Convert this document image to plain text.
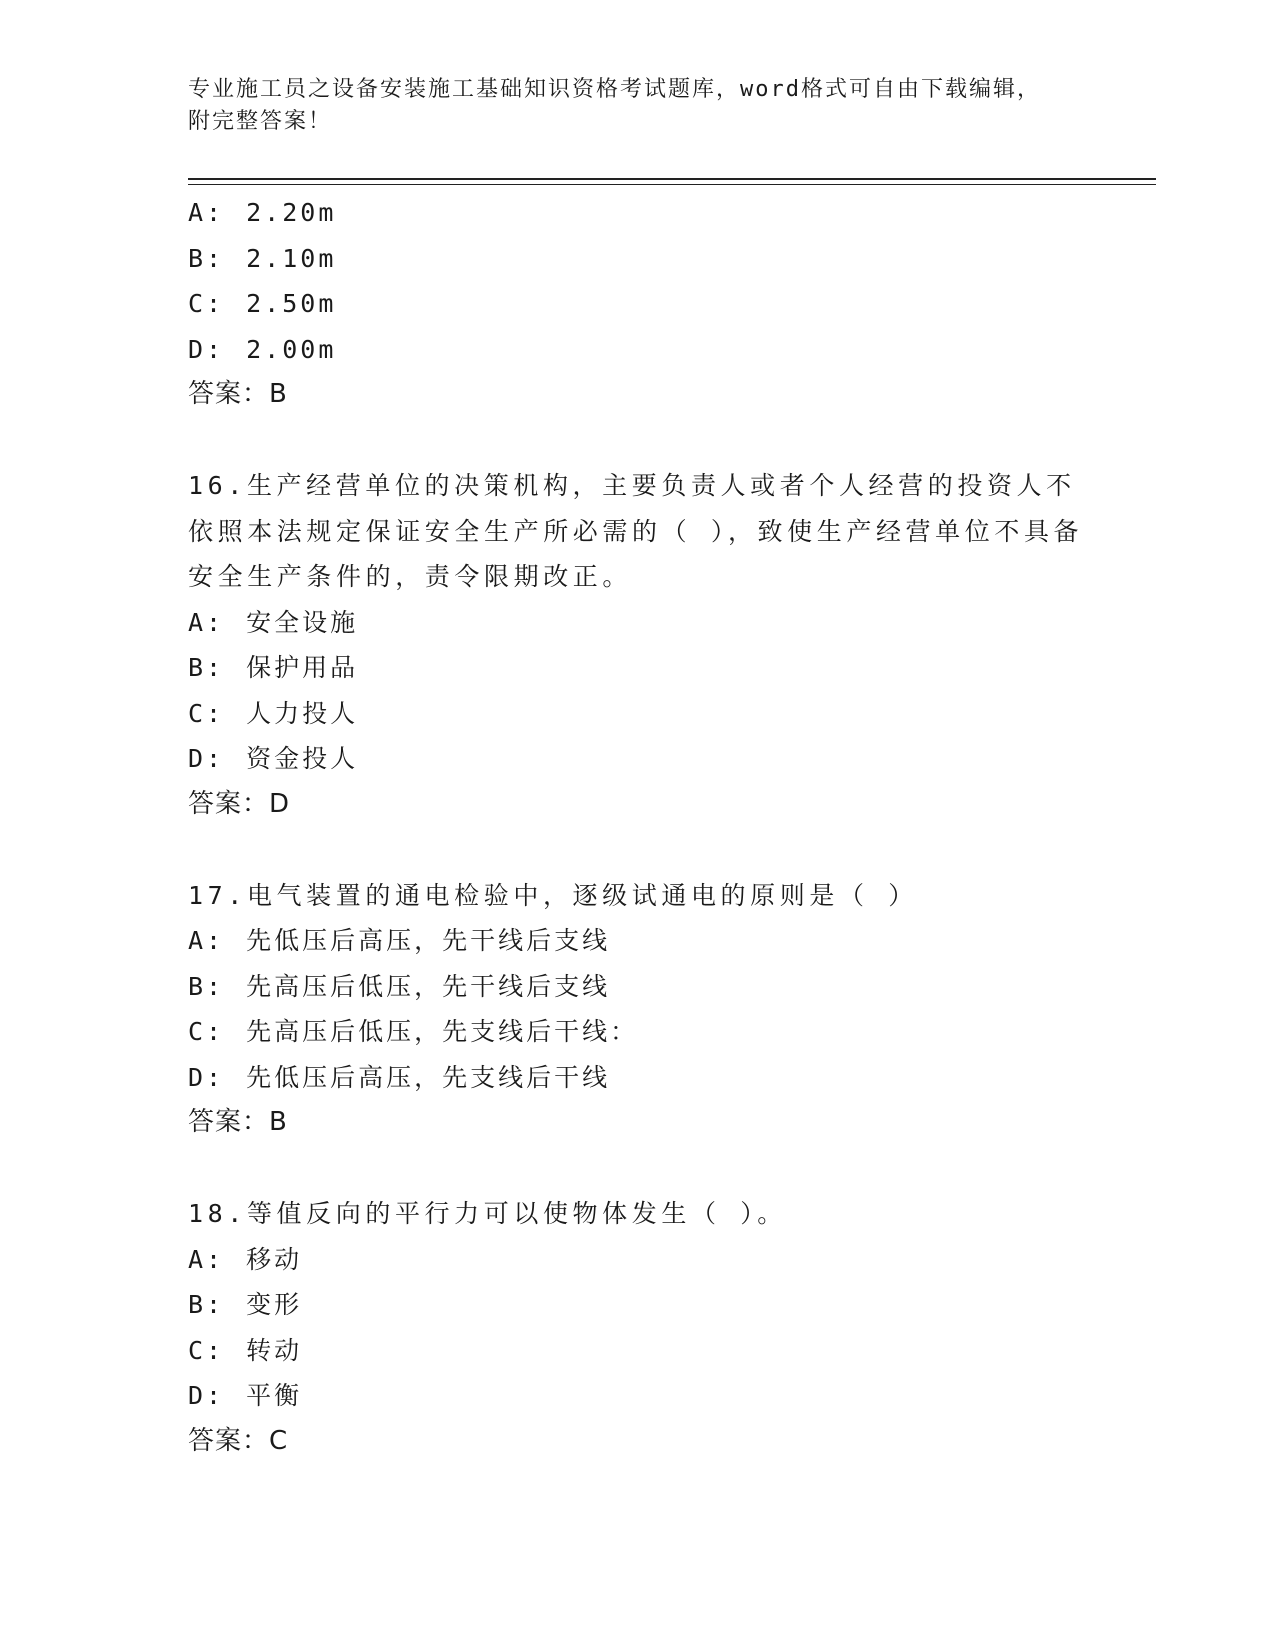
专业施工员之设备安装施工基础知识资格考试题库，word格式可自由下载编辑，
附完整答案！
A: 2.20m
B: 2.10m
C: 2.50m
D: 2.00m
答案：B
16.生产经营单位的决策机构，主要负责人或者个人经营的投资人不依照本法规定保证安全生产所必需的（ ），致使生产经营单位不具备安全生产条件的，责令限期改正。
A: 安全设施
B: 保护用品
C: 人力投人
D: 资金投人
答案：D
17.电气装置的通电检验中，逐级试通电的原则是（ ）
A: 先低压后高压，先干线后支线
B: 先高压后低压，先干线后支线
C: 先高压后低压，先支线后干线：
D: 先低压后高压，先支线后干线
答案：B
18.等值反向的平行力可以使物体发生（ ）。
A: 移动
B: 变形
C: 转动
D: 平衡
答案：C
